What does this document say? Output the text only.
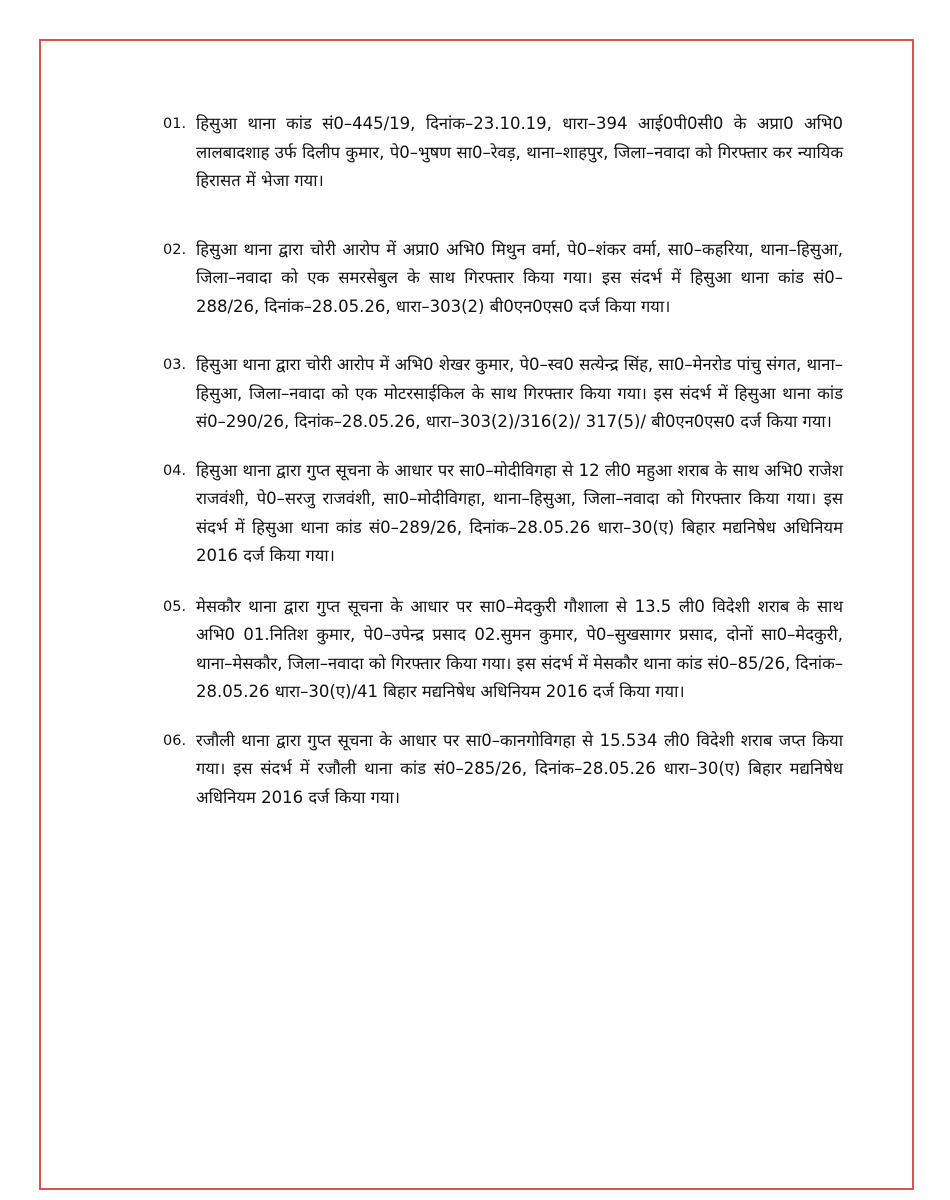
01. हिसुआ थाना कांड सं0–445/19, दिनांक–23.10.19, धारा–394 आई0पी0सी0 के अप्रा0 अभि0 लालबादशाह उर्फ दिलीप कुमार, पे0–भुषण सा0–रेवड़, थाना–शाहपुर, जिला–नवादा को गिरफ्तार कर न्यायिक हिरासत में भेजा गया।
02. हिसुआ थाना द्वारा चोरी आरोप में अप्रा0 अभि0 मिथुन वर्मा, पे0–शंकर वर्मा, सा0–कहरिया, थाना–हिसुआ, जिला–नवादा को एक समरसेबुल के साथ गिरफ्तार किया गया। इस संदर्भ में हिसुआ थाना कांड सं0–288/26, दिनांक–28.05.26, धारा–303(2) बी0एन0एस0 दर्ज किया गया।
03. हिसुआ थाना द्वारा चोरी आरोप में अभि0 शेखर कुमार, पे0–स्व0 सत्येन्द्र सिंह, सा0–मेनरोड पांचु संगत, थाना–हिसुआ, जिला–नवादा को एक मोटरसाईकिल के साथ गिरफ्तार किया गया। इस संदर्भ में हिसुआ थाना कांड सं0–290/26, दिनांक–28.05.26, धारा–303(2)/316(2)/ 317(5)/ बी0एन0एस0 दर्ज किया गया।
04. हिसुआ थाना द्वारा गुप्त सूचना के आधार पर सा0–मोदीविगहा से 12 ली0 महुआ शराब के साथ अभि0 राजेश राजवंशी, पे0–सरजु राजवंशी, सा0–मोदीविगहा, थाना–हिसुआ, जिला–नवादा को गिरफ्तार किया गया। इस संदर्भ में हिसुआ थाना कांड सं0–289/26, दिनांक–28.05.26 धारा–30(ए) बिहार मद्यनिषेध अधिनियम 2016 दर्ज किया गया।
05. मेसकौर थाना द्वारा गुप्त सूचना के आधार पर सा0–मेदकुरी गौशाला से 13.5 ली0 विदेशी शराब के साथ अभि0 01.नितिश कुमार, पे0–उपेन्द्र प्रसाद 02.सुमन कुमार, पे0–सुखसागर प्रसाद, दोनों सा0–मेदकुरी, थाना–मेसकौर, जिला–नवादा को गिरफ्तार किया गया। इस संदर्भ में मेसकौर थाना कांड सं0–85/26, दिनांक–28.05.26 धारा–30(ए)/41 बिहार मद्यनिषेध अधिनियम 2016 दर्ज किया गया।
06. रजौली थाना द्वारा गुप्त सूचना के आधार पर सा0–कानगोविगहा से 15.534 ली0 विदेशी शराब जप्त किया गया। इस संदर्भ में रजौली थाना कांड सं0–285/26, दिनांक–28.05.26 धारा–30(ए) बिहार मद्यनिषेध अधिनियम 2016 दर्ज किया गया।
